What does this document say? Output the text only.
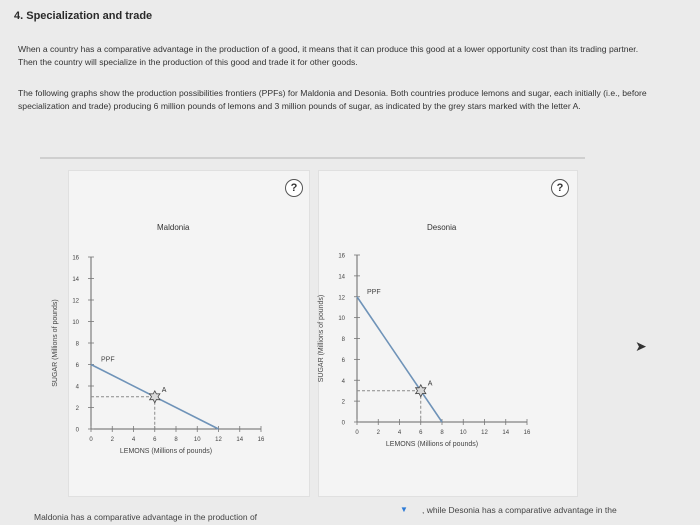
4. Specialization and trade
When a country has a comparative advantage in the production of a good, it means that it can produce this good at a lower opportunity cost than its trading partner. Then the country will specialize in the production of this good and trade it for other goods.
The following graphs show the production possibilities frontiers (PPFs) for Maldonia and Desonia. Both countries produce lemons and sugar, each initially (i.e., before specialization and trade) producing 6 million pounds of lemons and 3 million pounds of sugar, as indicated by the grey stars marked with the letter A.
?
Maldonia
0
2
4
6
8
10
12
14
16
0	2	4	6	8	10 12 14 16
LEMONS (Millions of pounds)
SUGAR (Millions of pounds)	PPF
A
?
Desonia
0
2
4
6
8
10
12
14
16
0	2	4	6	8	10 12 14 16
LEMONS (Millions of pounds)
SUGAR (Millions of pounds)
PPF
A
Maldonia has a comparative advantage in the production of
▼ , while Desonia has a comparative advantage in the
➤
